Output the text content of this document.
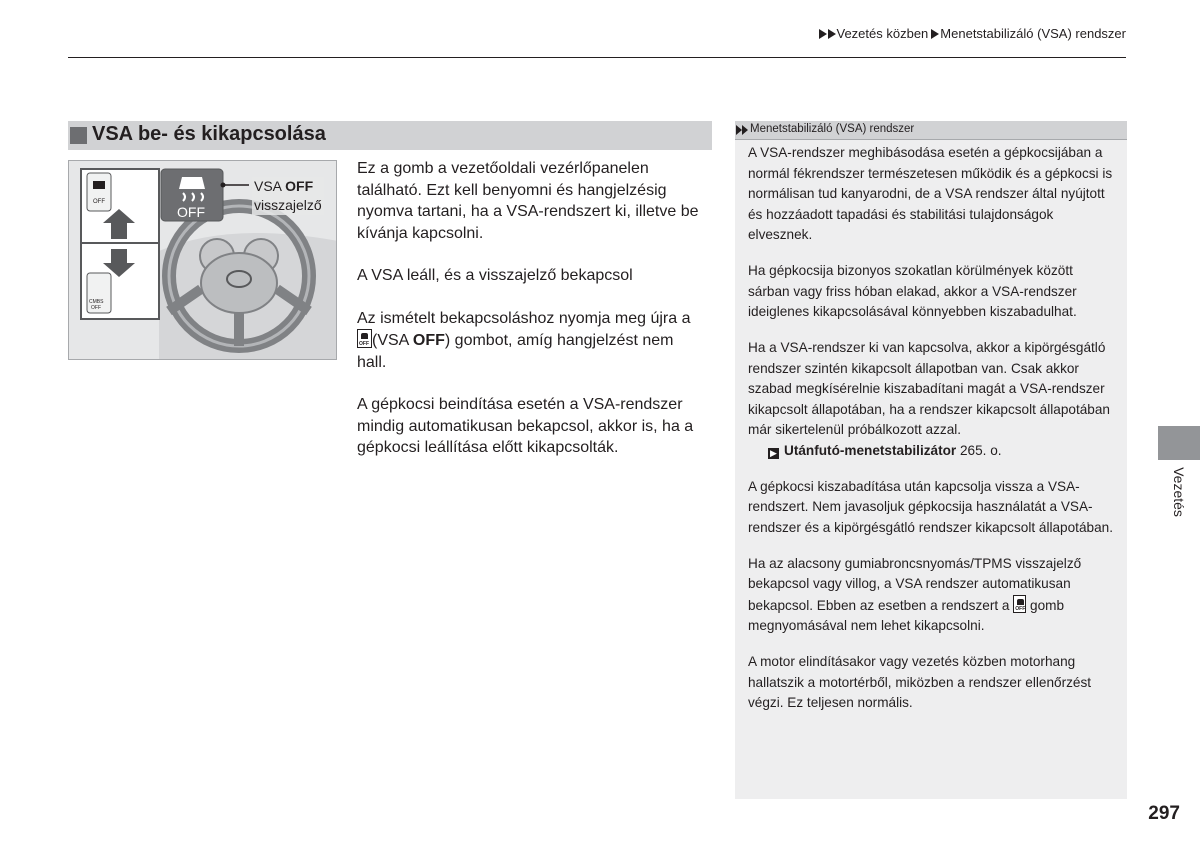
Vezetés közben Menetstabilizáló (VSA) rendszer
VSA be- és kikapcsolása
OFF
CMBS
OFF
OFF
VSA OFF
visszajelző

Ez a gomb a vezetőoldali vezérlőpanelen található. Ezt kell benyomni és hangjelzésig nyomva tartani, ha a VSA-rendszert ki, illetve be kívánja kapcsolni.

A VSA leáll, és a visszajelző bekapcsol

Az ismételt bekapcsoláshoz nyomja meg újra a
OFF (VSA OFF) gombot, amíg hangjelzést nem hall.

A gépkocsi beindítása esetén a VSA-rendszer mindig automatikusan bekapcsol, akkor is, ha a gépkocsi leállítása előtt kikapcsolták.

Menetstabilizáló (VSA) rendszer

A VSA-rendszer meghibásodása esetén a gépkocsijában a normál fékrendszer természetesen működik és a gépkocsi is normálisan tud kanyarodni, de a VSA rendszer által nyújtott és hozzáadott tapadási és stabilitási tulajdonságok elvesznek.

Ha gépkocsija bizonyos szokatlan körülmények között sárban vagy friss hóban elakad, akkor a VSA-rendszer ideiglenes kikapcsolásával könnyebben kiszabadulhat.

Ha a VSA-rendszer ki van kapcsolva, akkor a kipörgésgátló rendszer szintén kikapcsolt állapotban van. Csak akkor szabad megkísérelnie kiszabadítani magát a VSA-rendszer kikapcsolt állapotában, ha a rendszer kikapcsolt állapotában már sikertelenül próbálkozott azzal.
▶ Utánfutó-menetstabilizátor 265. o.

A gépkocsi kiszabadítása után kapcsolja vissza a VSA-rendszert. Nem javasoljuk gépkocsija használatát a VSA-rendszer és a kipörgésgátló rendszer kikapcsolt állapotában.

Ha az alacsony gumiabroncsnyomás/TPMS visszajelző bekapcsol vagy villog, a VSA rendszer automatikusan bekapcsol. Ebben az esetben a rendszert a OFF gomb megnyomásával nem lehet kikapcsolni.

A motor elindításakor vagy vezetés közben motorhang hallatszik a motortérből, miközben a rendszer ellenőrzést végzi. Ez teljesen normális.

Vezetés
297
